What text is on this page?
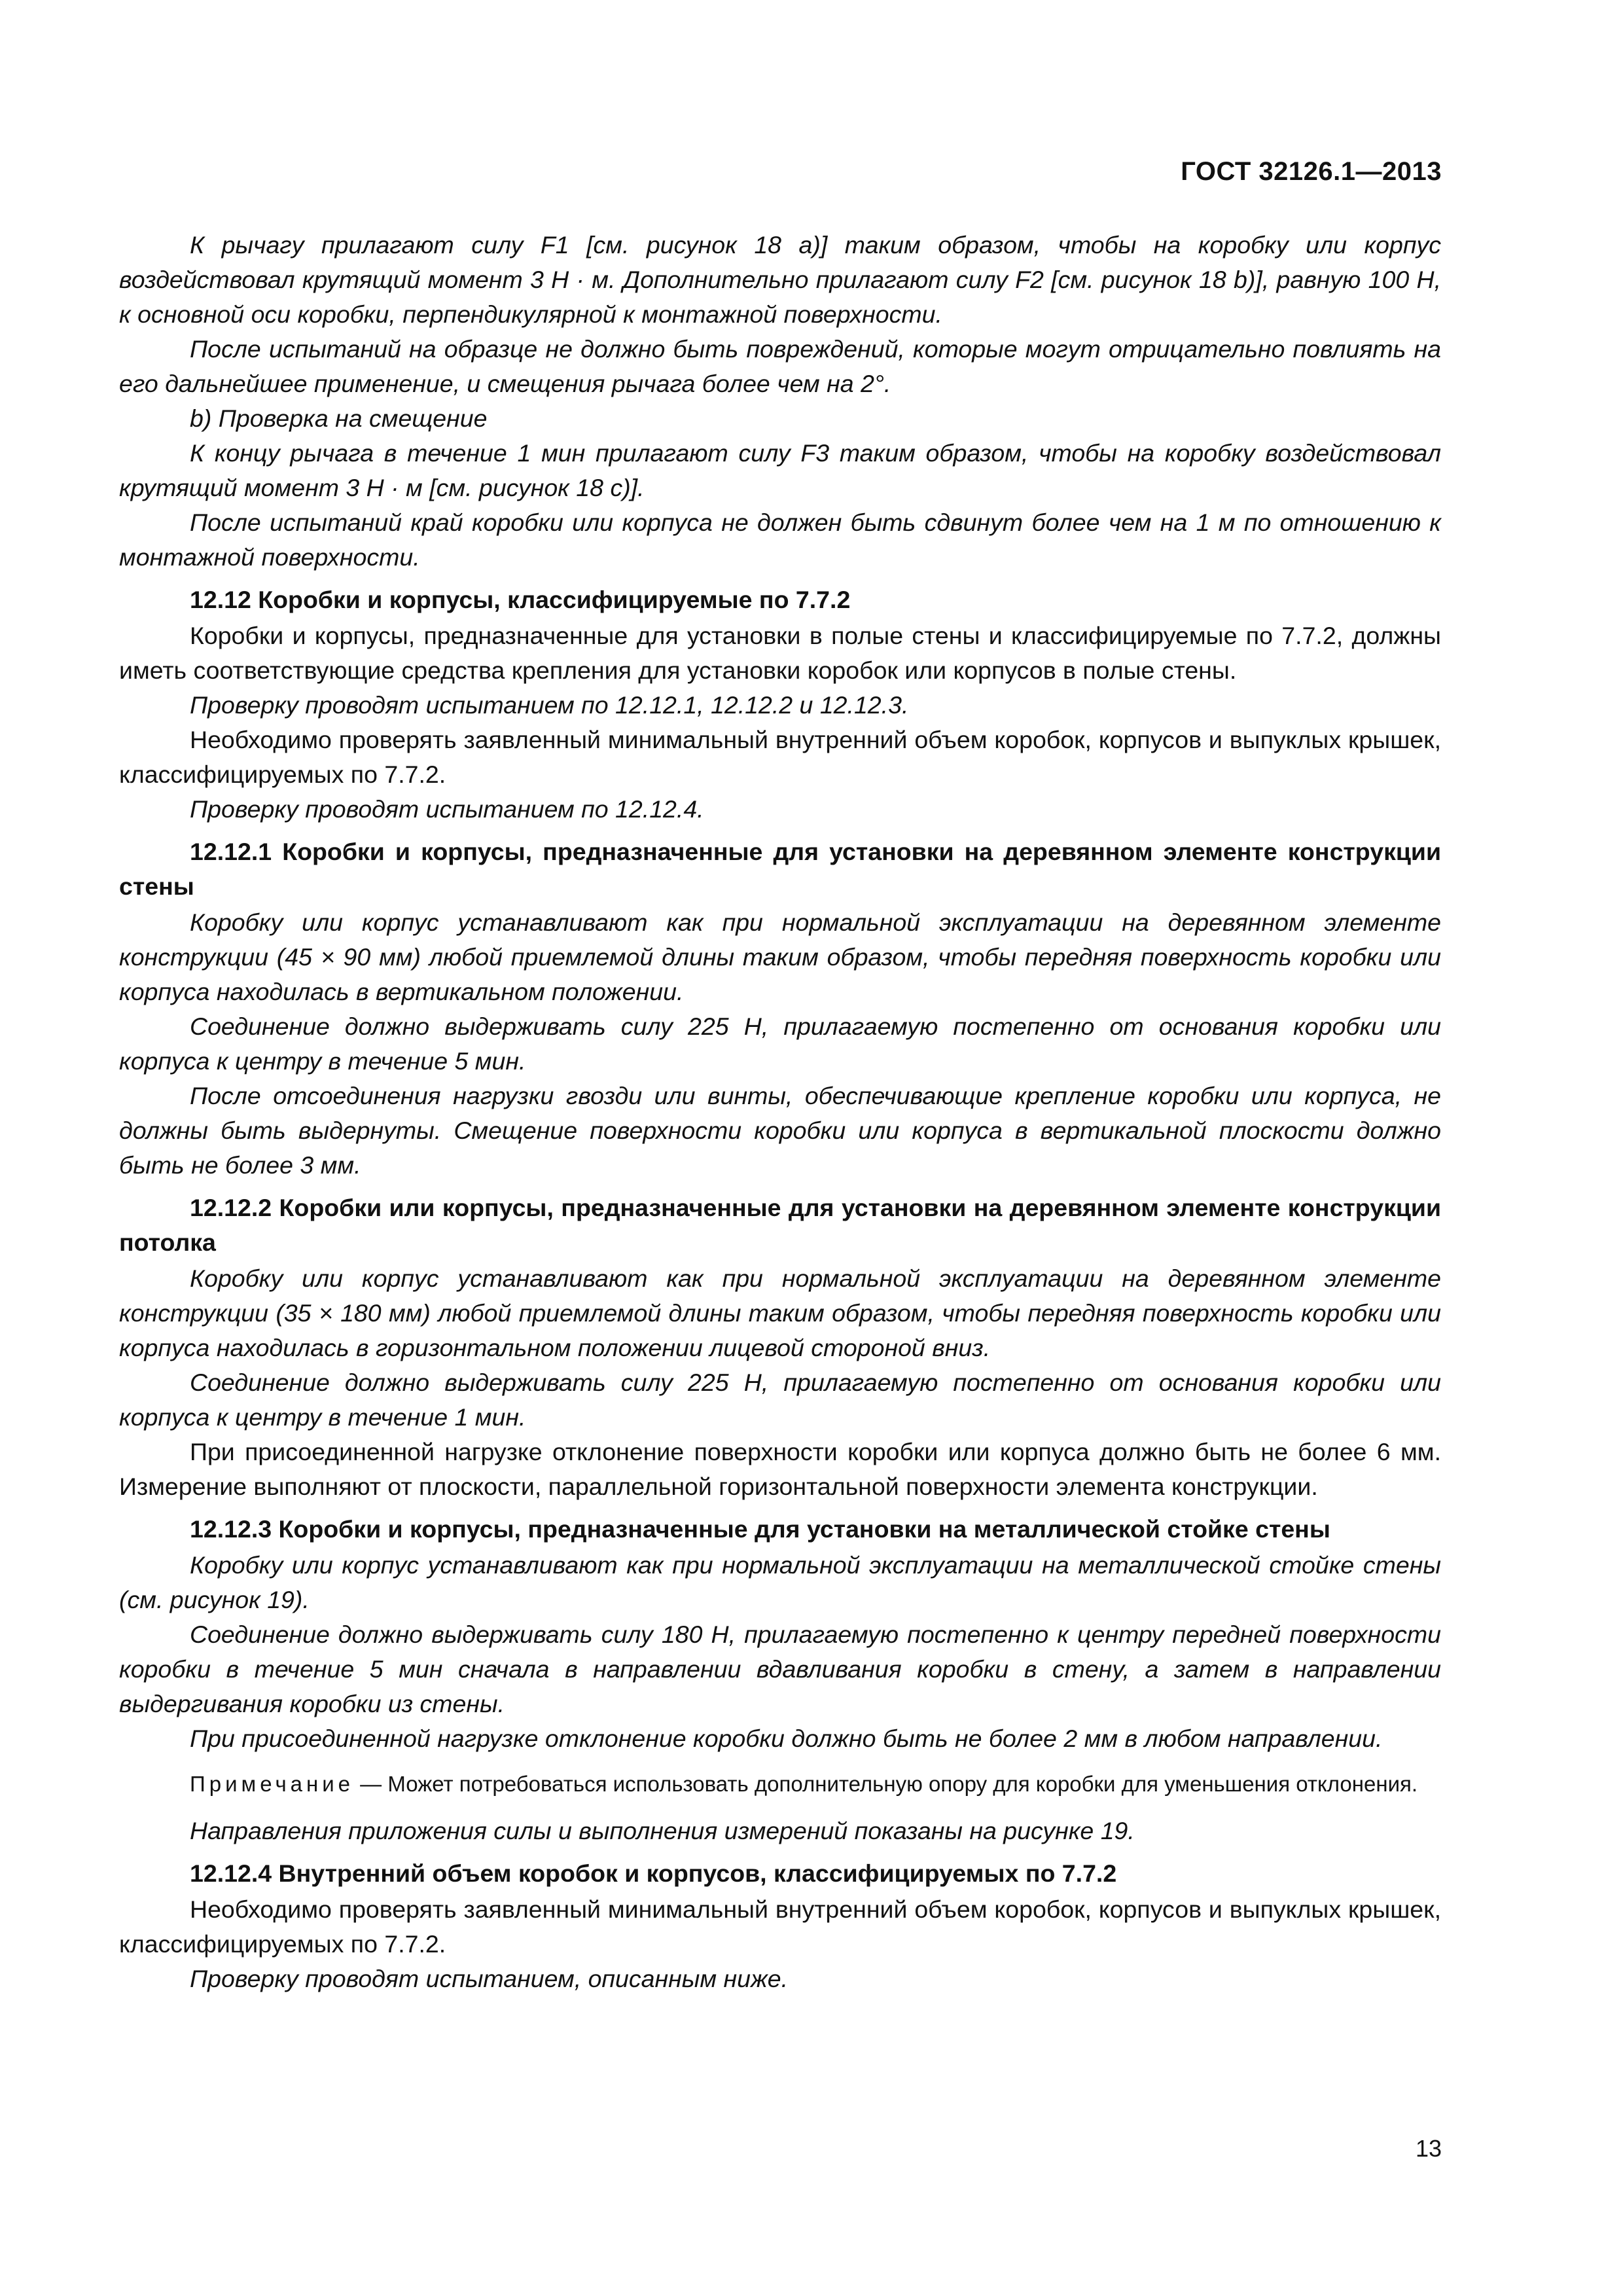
ГОСТ 32126.1—2013

К рычагу прилагают силу F1 [см. рисунок 18 a)] таким образом, чтобы на коробку или корпус воздействовал крутящий момент 3 Н · м. Дополнительно прилагают силу F2 [см. рисунок 18 b)], равную 100 Н, к основной оси коробки, перпендикулярной к монтажной поверхности.

После испытаний на образце не должно быть повреждений, которые могут отрицательно повлиять на его дальнейшее применение, и смещения рычага более чем на 2°.

b) Проверка на смещение

К концу рычага в течение 1 мин прилагают силу F3 таким образом, чтобы на коробку воздействовал крутящий момент 3 Н · м [см. рисунок 18 c)].

После испытаний край коробки или корпуса не должен быть сдвинут более чем на 1 м по отношению к монтажной поверхности.

12.12 Коробки и корпусы, классифицируемые по 7.7.2

Коробки и корпусы, предназначенные для установки в полые стены и классифицируемые по 7.7.2, должны иметь соответствующие средства крепления для установки коробок или корпусов в полые стены.

Проверку проводят испытанием по 12.12.1, 12.12.2 и 12.12.3.

Необходимо проверять заявленный минимальный внутренний объем коробок, корпусов и выпуклых крышек, классифицируемых по 7.7.2.

Проверку проводят испытанием по 12.12.4.

12.12.1 Коробки и корпусы, предназначенные для установки на деревянном элементе конструкции стены

Коробку или корпус устанавливают как при нормальной эксплуатации на деревянном элементе конструкции (45 × 90 мм) любой приемлемой длины таким образом, чтобы передняя поверхность коробки или корпуса находилась в вертикальном положении.

Соединение должно выдерживать силу 225 Н, прилагаемую постепенно от основания коробки или корпуса к центру в течение 5 мин.

После отсоединения нагрузки гвозди или винты, обеспечивающие крепление коробки или корпуса, не должны быть выдернуты. Смещение поверхности коробки или корпуса в вертикальной плоскости должно быть не более 3 мм.

12.12.2 Коробки или корпусы, предназначенные для установки на деревянном элементе конструкции потолка

Коробку или корпус устанавливают как при нормальной эксплуатации на деревянном элементе конструкции (35 × 180 мм) любой приемлемой длины таким образом, чтобы передняя поверхность коробки или корпуса находилась в горизонтальном положении лицевой стороной вниз.

Соединение должно выдерживать силу 225 Н, прилагаемую постепенно от основания коробки или корпуса к центру в течение 1 мин.

При присоединенной нагрузке отклонение поверхности коробки или корпуса должно быть не более 6 мм. Измерение выполняют от плоскости, параллельной горизонтальной поверхности элемента конструкции.

12.12.3 Коробки и корпусы, предназначенные для установки на металлической стойке стены

Коробку или корпус устанавливают как при нормальной эксплуатации на металлической стойке стены (см. рисунок 19).

Соединение должно выдерживать силу 180 Н, прилагаемую постепенно к центру передней поверхности коробки в течение 5 мин сначала в направлении вдавливания коробки в стену, а затем в направлении выдергивания коробки из стены.

При присоединенной нагрузке отклонение коробки должно быть не более 2 мм в любом направлении.

Примечание — Может потребоваться использовать дополнительную опору для коробки для уменьшения отклонения.

Направления приложения силы и выполнения измерений показаны на рисунке 19.

12.12.4 Внутренний объем коробок и корпусов, классифицируемых по 7.7.2

Необходимо проверять заявленный минимальный внутренний объем коробок, корпусов и выпуклых крышек, классифицируемых по 7.7.2.

Проверку проводят испытанием, описанным ниже.

13
